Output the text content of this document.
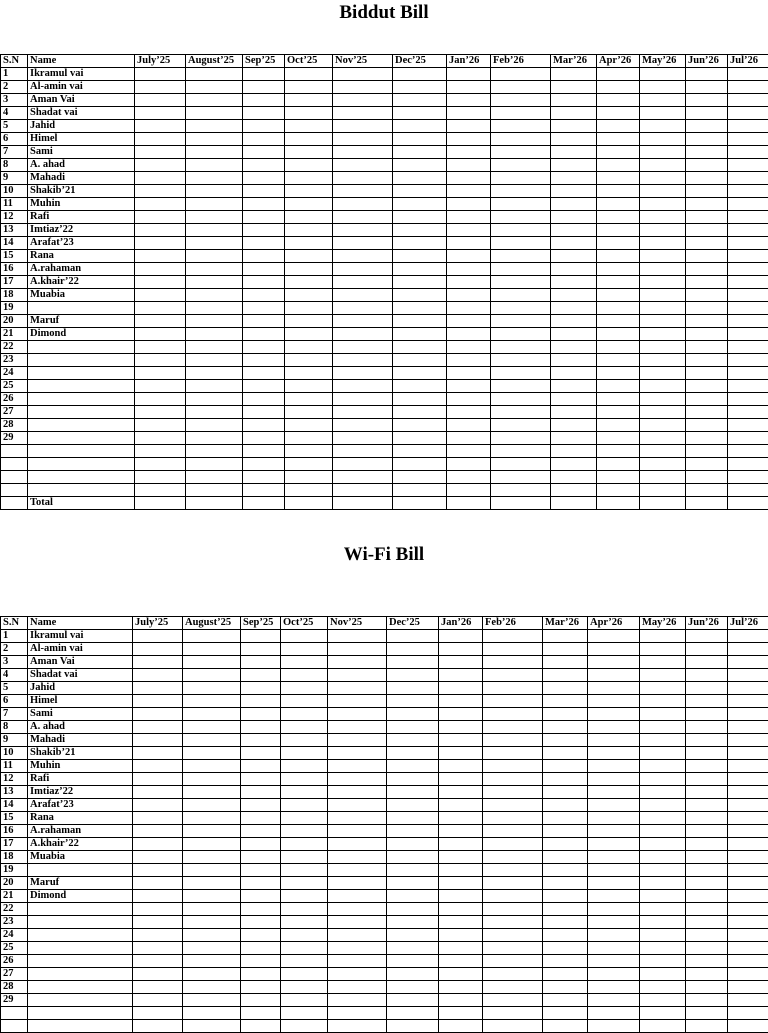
Biddut Bill
S.N	Name	July’25	August’25	Sep’25	Oct’25	Nov’25	Dec’25	Jan’26	Feb’26	Mar’26	Apr’26	May’26	Jun’26	Jul’26
1	Ikramul vai													
2	Al-amin vai													
3	Aman Vai													
4	Shadat vai													
5	Jahid													
6	Himel													
7	Sami													
8	A. ahad													
9	Mahadi													
10	Shakib’21													
11	Muhin													
12	Rafi													
13	Imtiaz’22													
14	Arafat’23													
15	Rana													
16	A.rahaman													
17	A.khair’22													
18	Muabia													
19														
20	Maruf													
21	Dimond													
22														
23														
24														
25														
26														
27														
28														
29														

	Total													
Wi-Fi Bill
S.N	Name	July’25	August’25	Sep’25	Oct’25	Nov’25	Dec’25	Jan’26	Feb’26	Mar’26	Apr’26	May’26	Jun’26	Jul’26
1	Ikramul vai													
2	Al-amin vai													
3	Aman Vai													
4	Shadat vai													
5	Jahid													
6	Himel													
7	Sami													
8	A. ahad													
9	Mahadi													
10	Shakib’21													
11	Muhin													
12	Rafi													
13	Imtiaz’22													
14	Arafat’23													
15	Rana													
16	A.rahaman													
17	A.khair’22													
18	Muabia													
19														
20	Maruf													
21	Dimond													
22														
23														
24														
25														
26														
27														
28														
29														
